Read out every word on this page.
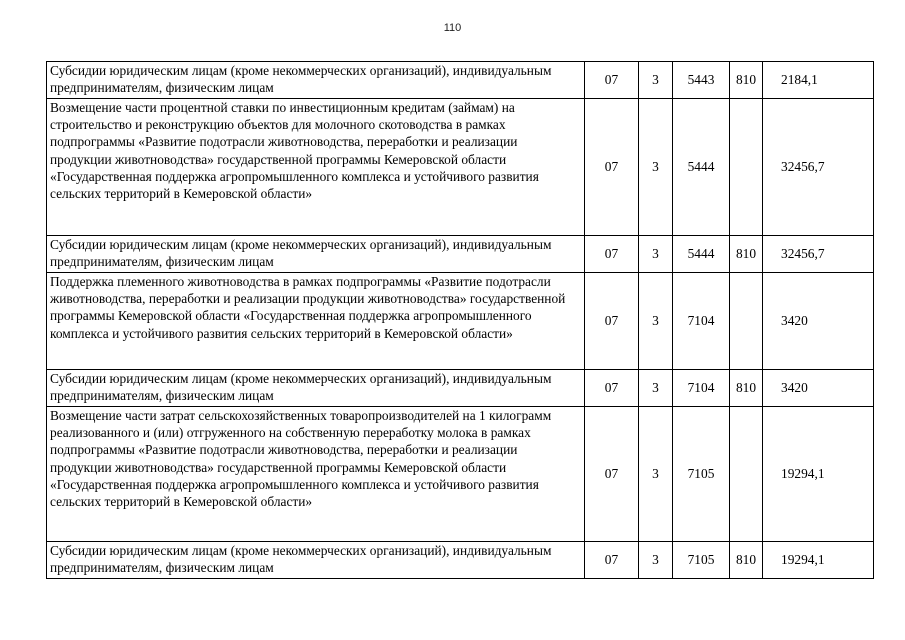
110
Субсидии юридическим лицам (кроме некоммерческих организаций), индивидуальным предпринимателям, физическим лицам	07	3	5443	810	2184,1
Возмещение части процентной ставки по инвестиционным кредитам (займам) на строительство и реконструкцию объектов для молочного скотоводства в рамках подпрограммы «Развитие подотрасли животноводства, переработки и реализации продукции животноводства» государственной программы Кемеровской области «Государственная поддержка агропромышленного комплекса и устойчивого развития сельских территорий в Кемеровской области»	07	3	5444		32456,7
Субсидии юридическим лицам (кроме некоммерческих организаций), индивидуальным предпринимателям, физическим лицам	07	3	5444	810	32456,7
Поддержка племенного животноводства в рамках подпрограммы «Развитие подотрасли животноводства, переработки и реализации продукции животноводства» государственной программы Кемеровской области «Государственная поддержка агропромышленного комплекса и устойчивого развития сельских территорий в Кемеровской области»	07	3	7104		3420
Субсидии юридическим лицам (кроме некоммерческих организаций), индивидуальным предпринимателям, физическим лицам	07	3	7104	810	3420
Возмещение части затрат сельскохозяйственных товаропроизводителей на 1 килограмм реализованного и (или) отгруженного на собственную переработку молока в рамках подпрограммы «Развитие подотрасли животноводства, переработки и реализации продукции животноводства» государственной программы Кемеровской области «Государственная поддержка агропромышленного комплекса и устойчивого развития сельских территорий в Кемеровской области»	07	3	7105		19294,1
Субсидии юридическим лицам (кроме некоммерческих организаций), индивидуальным предпринимателям, физическим лицам	07	3	7105	810	19294,1
